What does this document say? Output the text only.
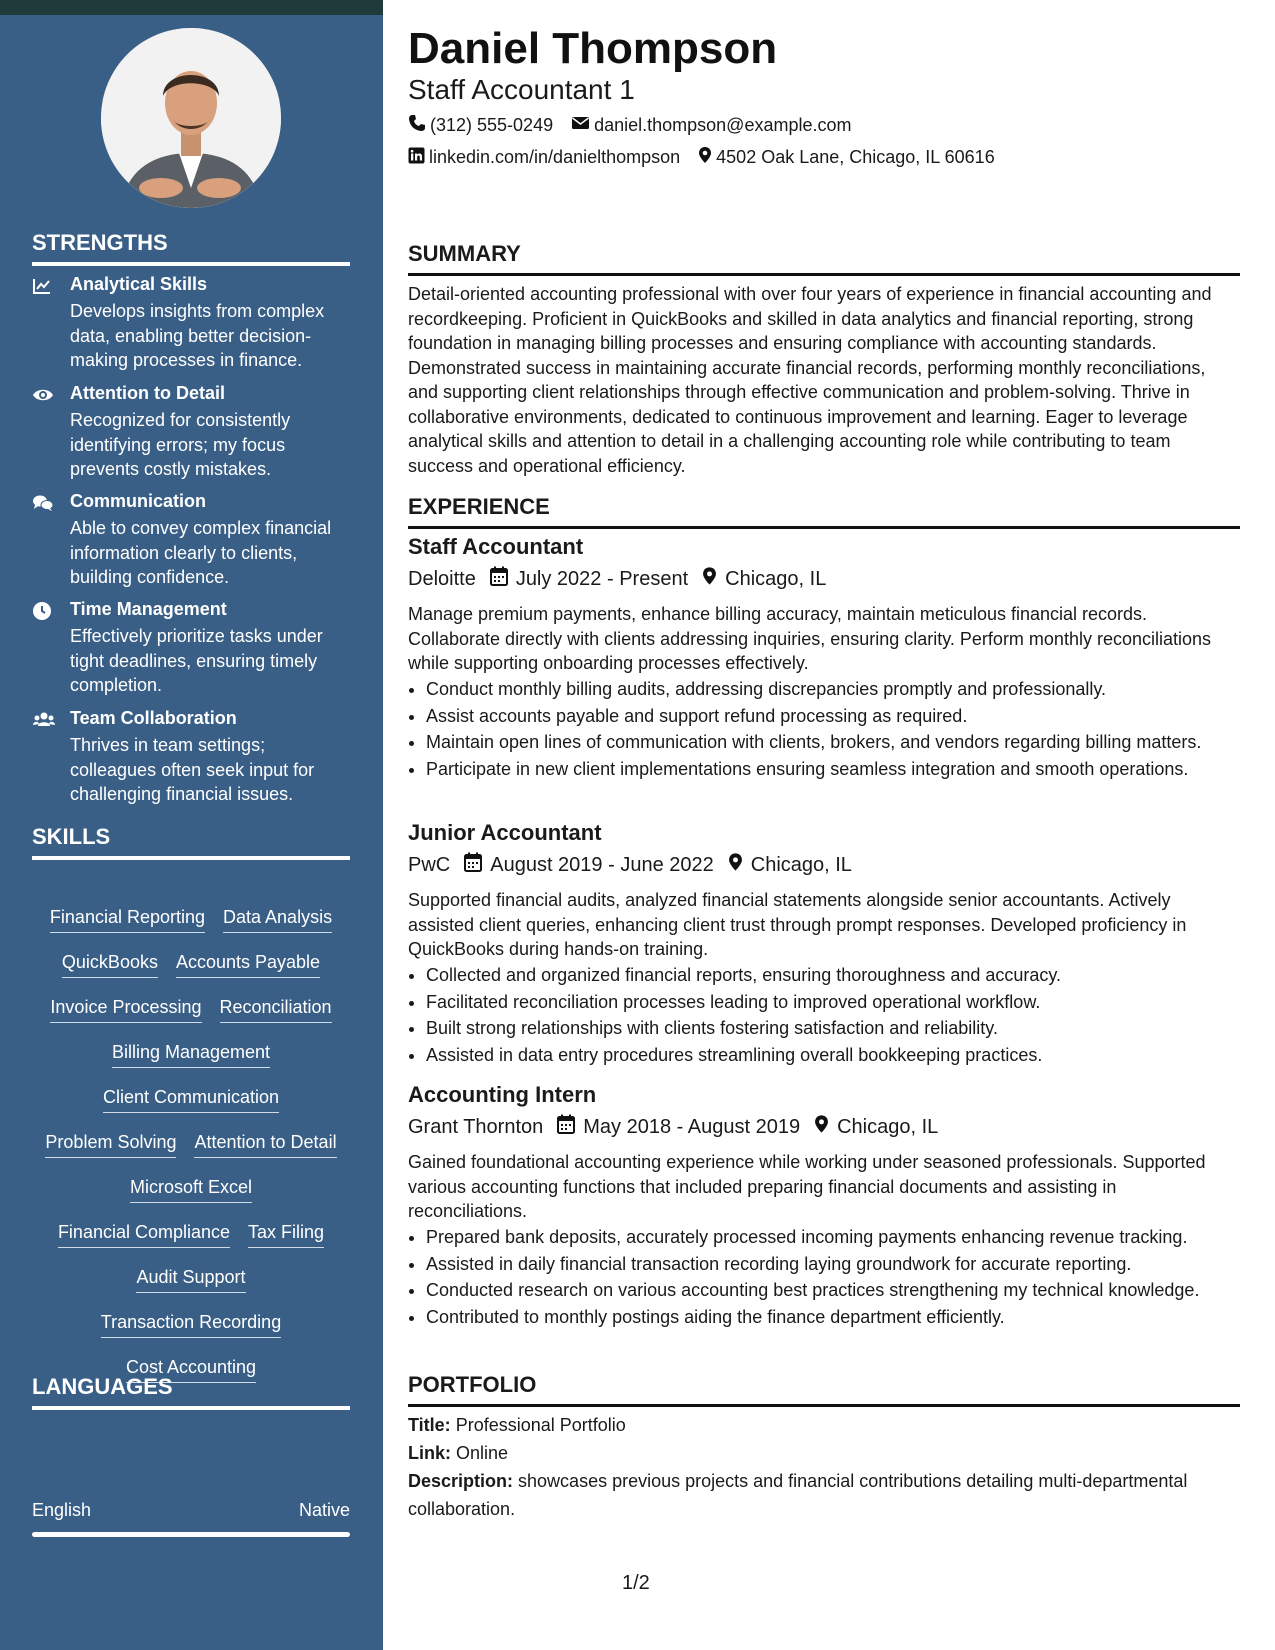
STRENGTHS
Analytical Skills
Develops insights from complex data, enabling better decision-making processes in finance.
Attention to Detail
Recognized for consistently identifying errors; my focus prevents costly mistakes.
Communication
Able to convey complex financial information clearly to clients, building confidence.
Time Management
Effectively prioritize tasks under tight deadlines, ensuring timely completion.
Team Collaboration
Thrives in team settings; colleagues often seek input for challenging financial issues.
SKILLS
Financial Reporting Data Analysis
QuickBooks Accounts Payable
Invoice Processing Reconciliation
Billing Management
Client Communication
Problem Solving Attention to Detail
Microsoft Excel
Financial Compliance Tax Filing
Audit Support
Transaction Recording
Cost Accounting
LANGUAGES
English	Native
Daniel Thompson
Staff Accountant 1
(312) 555-0249 daniel.thompson@example.com
linkedin.com/in/danielthompson 4502 Oak Lane, Chicago, IL 60616
SUMMARY
Detail-oriented accounting professional with over four years of experience in financial accounting and recordkeeping. Proficient in QuickBooks and skilled in data analytics and financial reporting, strong foundation in managing billing processes and ensuring compliance with accounting standards. Demonstrated success in maintaining accurate financial records, performing monthly reconciliations, and supporting client relationships through effective communication and problem-solving. Thrive in collaborative environments, dedicated to continuous improvement and learning. Eager to leverage analytical skills and attention to detail in a challenging accounting role while contributing to team success and operational efficiency.
EXPERIENCE
Staff Accountant
Deloitte July 2022 - Present Chicago, IL
Manage premium payments, enhance billing accuracy, maintain meticulous financial records. Collaborate directly with clients addressing inquiries, ensuring clarity. Perform monthly reconciliations while supporting onboarding processes effectively.
• Conduct monthly billing audits, addressing discrepancies promptly and professionally.
• Assist accounts payable and support refund processing as required.
• Maintain open lines of communication with clients, brokers, and vendors regarding billing matters.
• Participate in new client implementations ensuring seamless integration and smooth operations.
Junior Accountant
PwC August 2019 - June 2022 Chicago, IL
Supported financial audits, analyzed financial statements alongside senior accountants. Actively assisted client queries, enhancing client trust through prompt responses. Developed proficiency in QuickBooks during hands-on training.
• Collected and organized financial reports, ensuring thoroughness and accuracy.
• Facilitated reconciliation processes leading to improved operational workflow.
• Built strong relationships with clients fostering satisfaction and reliability.
• Assisted in data entry procedures streamlining overall bookkeeping practices.
Accounting Intern
Grant Thornton May 2018 - August 2019 Chicago, IL
Gained foundational accounting experience while working under seasoned professionals. Supported various accounting functions that included preparing financial documents and assisting in reconciliations.
• Prepared bank deposits, accurately processed incoming payments enhancing revenue tracking.
• Assisted in daily financial transaction recording laying groundwork for accurate reporting.
• Conducted research on various accounting best practices strengthening my technical knowledge.
• Contributed to monthly postings aiding the finance department efficiently.
PORTFOLIO
Title: Professional Portfolio
Link: Online
Description: showcases previous projects and financial contributions detailing multi-departmental collaboration.
1/2
